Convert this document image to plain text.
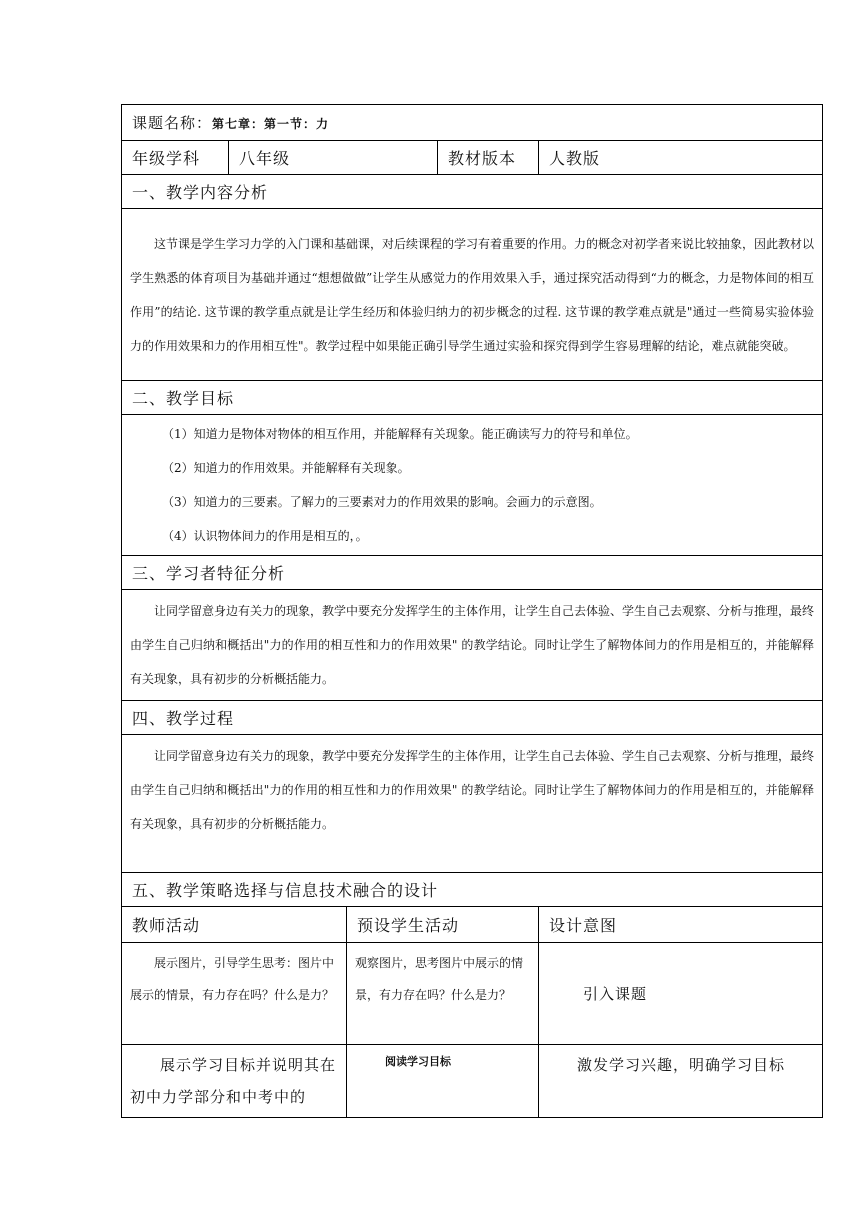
课题名称：第七章：第一节：力				
年级学科	八年级		教材版本	人教版
一、教学内容分析				
这节课是学生学习力学的入门课和基础课，对后续课程的学习有着重要的作用。力的概念对初学者来说比较抽象，因此教材以学生熟悉的体育项目为基础并通过“想想做做”让学生从感觉力的作用效果入手，通过探究活动得到“力的概念，力是物体间的相互作用”的结论. 这节课的教学重点就是让学生经历和体验归纳力的初步概念的过程. 这节课的教学难点就是"通过一些简易实验体验力的作用效果和力的作用相互性"。教学过程中如果能正确引导学生通过实验和探究得到学生容易理解的结论，难点就能突破。				
二、教学目标				

（1）知道力是物体对物体的相互作用，并能解释有关现象。能正确读写力的符号和单位。
（2）知道力的作用效果。并能解释有关现象。
（3）知道力的三要素。了解力的三要素对力的作用效果的影响。会画力的示意图。
（4）认识物体间力的作用是相互的，。				

三、学习者特征分析				
让同学留意身边有关力的现象，教学中要充分发挥学生的主体作用，让学生自己去体验、学生自己去观察、分析与推理，最终由学生自己归纳和概括出"力的作用的相互性和力的作用效果" 的教学结论。同时让学生了解物体间力的作用是相互的，并能解释有关现象，具有初步的分析概括能力。				
四、教学过程				
让同学留意身边有关力的现象，教学中要充分发挥学生的主体作用，让学生自己去体验、学生自己去观察、分析与推理，最终由学生自己归纳和概括出"力的作用的相互性和力的作用效果" 的教学结论。同时让学生了解物体间力的作用是相互的，并能解释有关现象，具有初步的分析概括能力。				
五、教学策略选择与信息技术融合的设计				
教师活动		预设学生活动		设计意图
展示图片，引导学生思考：图片中展示的情景，有力存在吗？什么是力？		观察图片，思考图片中展示的情景，有力存在吗？什么是力？		引入课题
展示学习目标并说明其在初中力学部分和中考中的		阅读学习目标		激发学习兴趣，明确学习目标
